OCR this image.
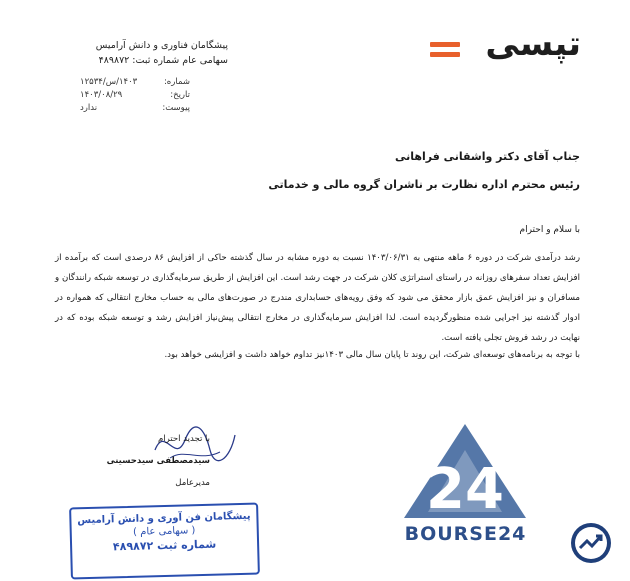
پیشگامان فناوری و دانش آرامیس
سهامی عام شماره ثبت: ۴۸۹۸۷۲
شماره:
۱۴۰۳/س/۱۲۵۳۴
تاریخ:
۱۴۰۳/۰۸/۲۹
پیوست:
ندارد
تپسی
جناب آقای دکتر واشقانی فراهانی
رئیس محترم اداره نظارت بر ناشران گروه مالی و خدماتی
با سلام و احترام
رشد درآمدی شرکت در دوره ۶ ماهه منتهی به ۱۴۰۳/۰۶/۳۱ نسبت به دوره مشابه در سال گذشته حاکی از افزایش ۸۶ درصدی است که برآمده از افزایش تعداد سفرهای روزانه در راستای استراتژی کلان شرکت در جهت رشد است. این افزایش از طریق سرمایه‌گذاری در توسعه شبکه رانندگان و مسافران و نیز افزایش عمق بازار محقق می شود که وفق رویه‌های حسابداری مندرج در صورت‌های مالی به حساب مخارج انتقالی که همواره در ادوار گذشته نیز اجرایی شده منظورگردیده است. لذا افزایش سرمایه‌گذاری در مخارج انتقالی پیش‌نیاز افزایش رشد و توسعه شبکه بوده که در نهایت در رشد فروش تجلی یافته است.
با توجه به برنامه‌های توسعه‌ای شرکت، این روند تا پایان سال مالی ۱۴۰۳نیز تداوم خواهد داشت و افزایشی خواهد بود.
با تجدید احترام
سیدمصطفی سیدحسینی
مدیرعامل
پیشگامان فن آوری و دانش آرامیس
( سهامی عام )
شماره ثبت ۴۸۹۸۷۲
24
BOURSE24
